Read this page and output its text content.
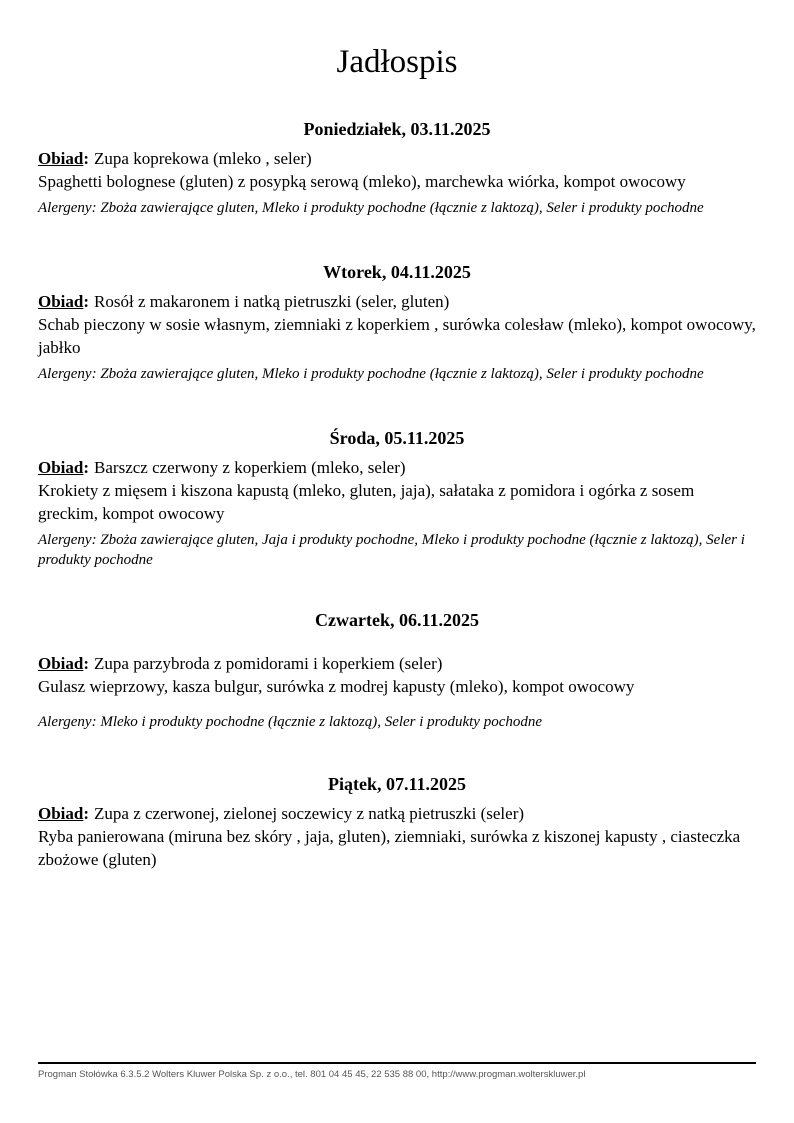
Jadłospis
Poniedziałek, 03.11.2025

Obiad: Zupa koprekowa (mleko , seler)

Spaghetti bolognese (gluten) z posypką serową (mleko), marchewka wiórka, kompot owocowy

Alergeny: Zboża zawierające gluten, Mleko i produkty pochodne (łącznie z laktozą), Seler i produkty pochodne

Wtorek, 04.11.2025

Obiad: Rosół z makaronem i natką pietruszki (seler, gluten)

Schab pieczony w sosie własnym, ziemniaki z koperkiem , surówka colesław (mleko), kompot owocowy, jabłko

Alergeny: Zboża zawierające gluten, Mleko i produkty pochodne (łącznie z laktozą), Seler i produkty pochodne

Środa, 05.11.2025

Obiad: Barszcz czerwony z koperkiem (mleko, seler)

Krokiety z mięsem i kiszona kapustą (mleko, gluten, jaja), sałataka z pomidora i ogórka z sosem greckim, kompot owocowy

Alergeny: Zboża zawierające gluten, Jaja i produkty pochodne, Mleko i produkty pochodne (łącznie z laktozą), Seler i produkty pochodne

Czwartek, 06.11.2025

Obiad: Zupa parzybroda z pomidorami i koperkiem (seler)

Gulasz wieprzowy, kasza bulgur, surówka z modrej kapusty (mleko), kompot owocowy

Alergeny: Mleko i produkty pochodne (łącznie z laktozą), Seler i produkty pochodne

Piątek, 07.11.2025

Obiad: Zupa z czerwonej, zielonej soczewicy z natką pietruszki (seler)

Ryba panierowana (miruna bez skóry , jaja, gluten), ziemniaki, surówka z kiszonej kapusty , ciasteczka zbożowe (gluten)

Progman Stołówka 6.3.5.2 Wolters Kluwer Polska Sp. z o.o., tel. 801 04 45 45, 22 535 88 00, http://www.progman.wolterskluwer.pl
